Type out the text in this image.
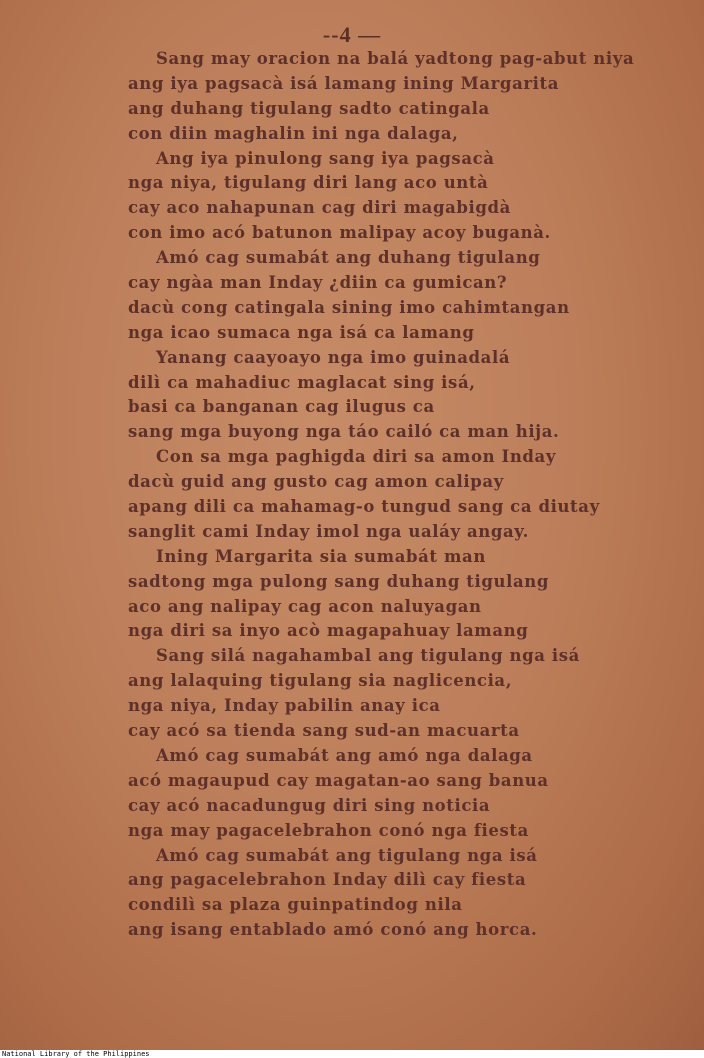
--4 —
Sang may oracion na balá yadtong pag-abut niya
ang iya pagsacà isá lamang ining Margarita
ang duhang tigulang sadto catingala
con diin maghalin ini nga dalaga,
Ang iya pinulong sang iya pagsacà
nga niya, tigulang diri lang aco untà
cay aco nahapunan cag diri magabigdà
con imo acó batunon malipay acoy buganà.
Amó cag sumabát ang duhang tigulang
cay ngàa man Inday ¿diin ca gumican?
dacù cong catingala sining imo cahimtangan
nga icao sumaca nga isá ca lamang
Yanang caayoayo nga imo guinadalá
dilì ca mahadiuc maglacat sing isá,
basi ca banganan cag ilugus ca
sang mga buyong nga táo cailó ca man hija.
Con sa mga paghigda diri sa amon Inday
dacù guid ang gusto cag amon calipay
apang dili ca mahamag-o tungud sang ca diutay
sanglit cami Inday imol nga ualáy angay.
Ining Margarita sia sumabát man
sadtong mga pulong sang duhang tigulang
aco ang nalipay cag acon naluyagan
nga diri sa inyo acò magapahuay lamang
Sang silá nagahambal ang tigulang nga isá
ang lalaquing tigulang sia naglicencia,
nga niya, Inday pabilin anay ica
cay acó sa tienda sang sud-an macuarta
Amó cag sumabát ang amó nga dalaga
acó magaupud cay magatan-ao sang banua
cay acó nacadungug diri sing noticia
nga may pagacelebrahon conó nga fiesta
Amó cag sumabát ang tigulang nga isá
ang pagacelebrahon Inday dilì cay fiesta
condilì sa plaza guinpatindog nila
ang isang entablado amó conó ang horca.
National Library of the Philippines
